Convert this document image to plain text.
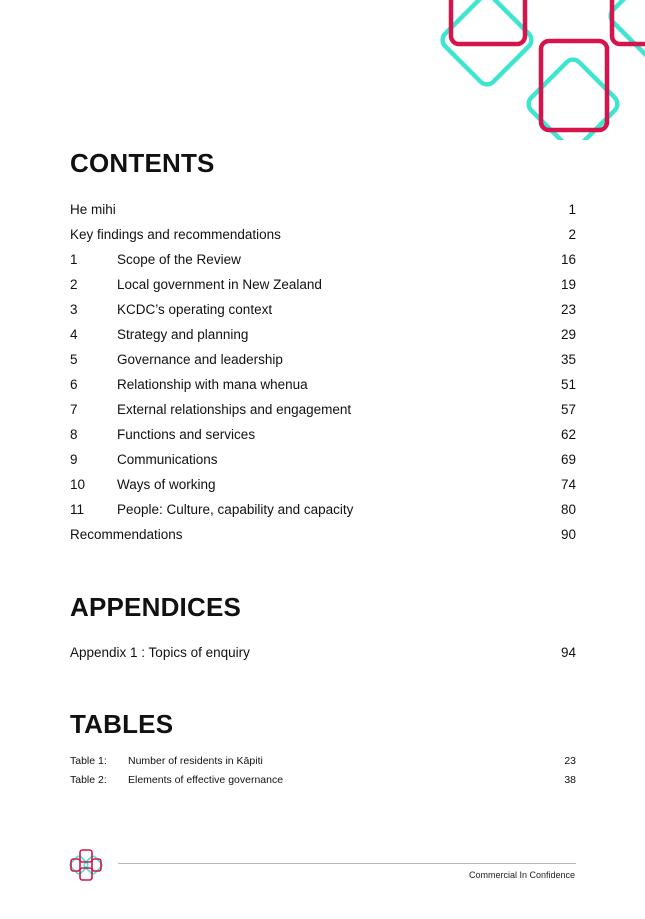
CONTENTS
He mihi	1
Key findings and recommendations	2
1	Scope of the Review	16
2	Local government in New Zealand	19
3	KCDC’s operating context	23
4	Strategy and planning	29
5	Governance and leadership	35
6	Relationship with mana whenua	51
7	External relationships and engagement	57
8	Functions and services	62
9	Communications	69
10 Ways of working	74
11 People: Culture, capability and capacity	80
Recommendations	90
APPENDICES
Appendix 1 : Topics of enquiry	94
TABLES
Table 1: Number of residents in Kāpiti	23
Table 2: Elements of effective governance	38
Commercial In Confidence
